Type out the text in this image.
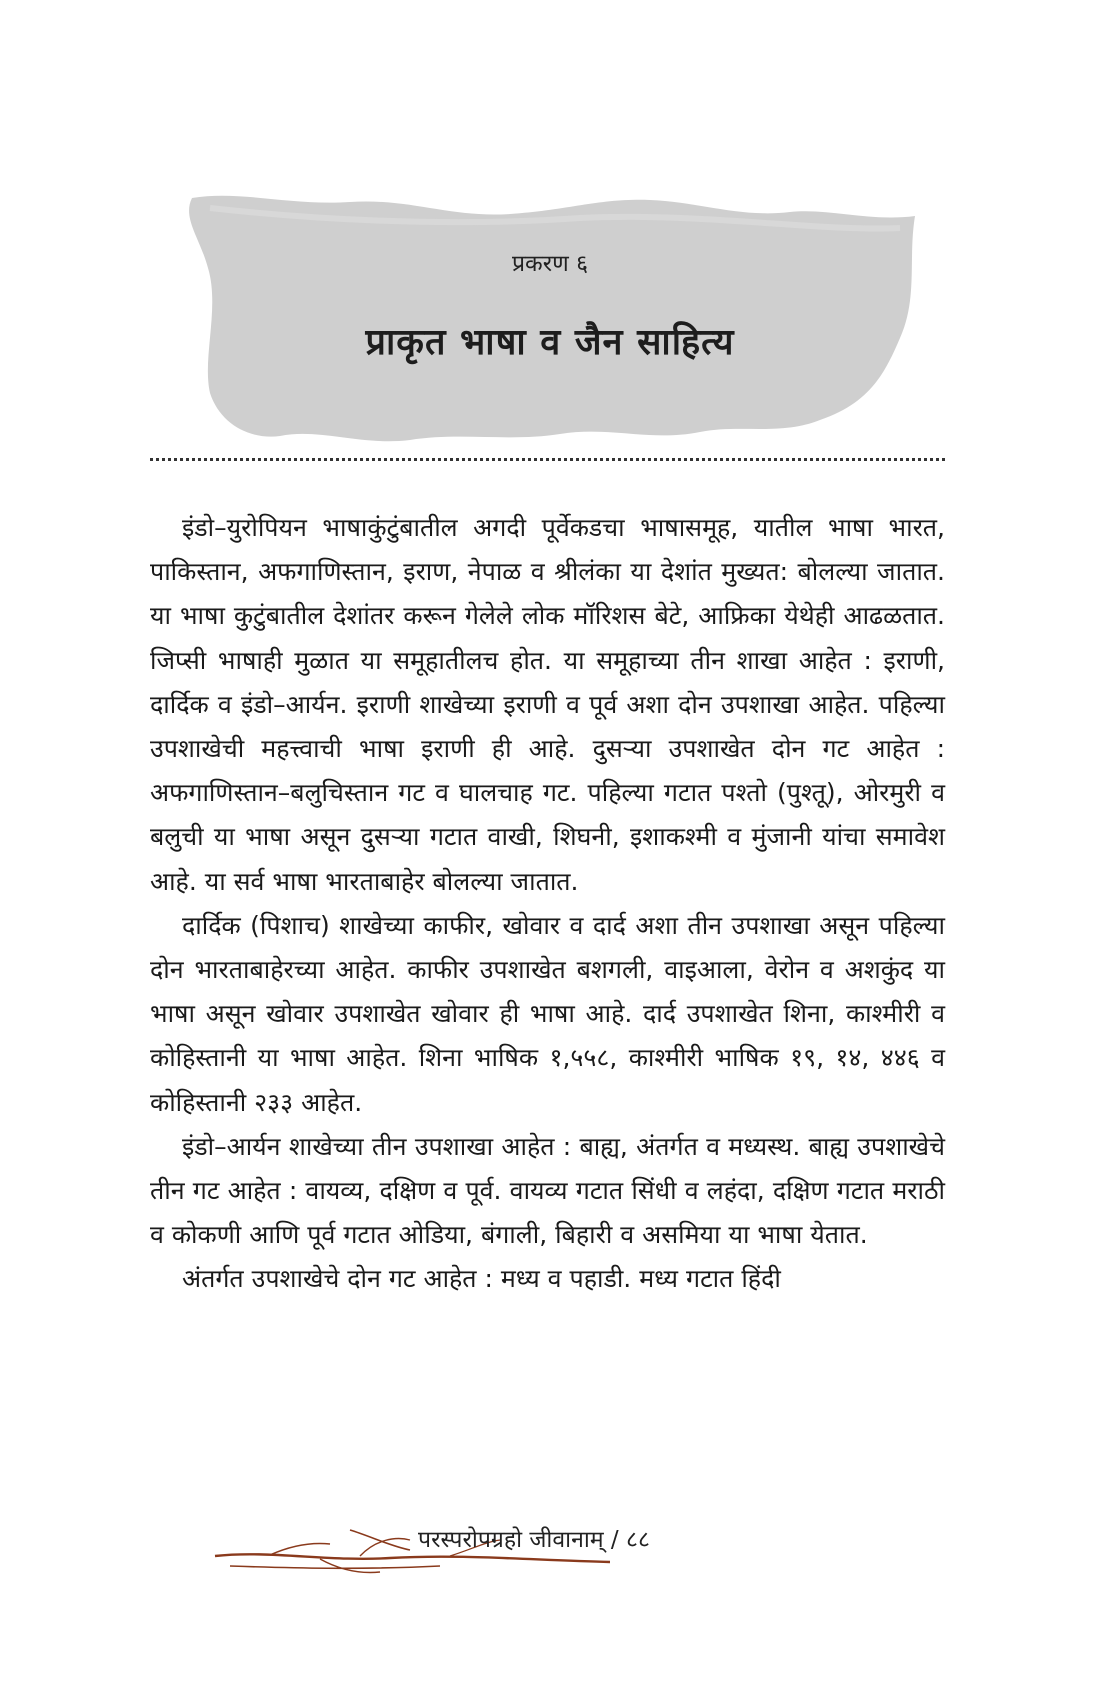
प्रकरण ६
प्राकृत भाषा व जैन साहित्य

इंडो–युरोपियन भाषाकुंटुंबातील अगदी पूर्वेकडचा भाषासमूह, यातील भाषा भारत, पाकिस्तान, अफगाणिस्तान, इराण, नेपाळ व श्रीलंका या देशांत मुख्यत: बोलल्या जातात. या भाषा कुटुंबातील देशांतर करून गेलेले लोक मॉरिशस बेटे, आफ्रिका येथेही आढळतात. जिप्सी भाषाही मुळात या समूहातीलच होत. या समूहाच्या तीन शाखा आहेत : इराणी, दार्दिक व इंडो–आर्यन. इराणी शाखेच्या इराणी व पूर्व अशा दोन उपशाखा आहेत. पहिल्या उपशाखेची महत्त्वाची भाषा इराणी ही आहे. दुसऱ्या उपशाखेत दोन गट आहेत : अफगाणिस्तान–बलुचिस्तान गट व घालचाह गट. पहिल्या गटात पश्तो (पुश्तू), ओरमुरी व बलुची या भाषा असून दुसऱ्या गटात वाखी, शिघनी, इशाकश्मी व मुंजानी यांचा समावेश आहे. या सर्व भाषा भारताबाहेर बोलल्या जातात.

दार्दिक (पिशाच) शाखेच्या काफीर, खोवार व दार्द अशा तीन उपशाखा असून पहिल्या दोन भारताबाहेरच्या आहेत. काफीर उपशाखेत बशगली, वाइआला, वेरोन व अशकुंद या भाषा असून खोवार उपशाखेत खोवार ही भाषा आहे. दार्द उपशाखेत शिना, काश्मीरी व कोहिस्तानी या भाषा आहेत. शिना भाषिक १,५५८, काश्मीरी भाषिक १९, १४, ४४६ व कोहिस्तानी २३३ आहेत.

इंडो–आर्यन शाखेच्या तीन उपशाखा आहेत : बाह्य, अंतर्गत व मध्यस्थ. बाह्य उपशाखेचे तीन गट आहेत : वायव्य, दक्षिण व पूर्व. वायव्य गटात सिंधी व लहंदा, दक्षिण गटात मराठी व कोकणी आणि पूर्व गटात ओडिया, बंगाली, बिहारी व असमिया या भाषा येतात.

अंतर्गत उपशाखेचे दोन गट आहेत : मध्य व पहाडी. मध्य गटात हिंदी

परस्परोपग्रहो जीवानाम् / ८८
